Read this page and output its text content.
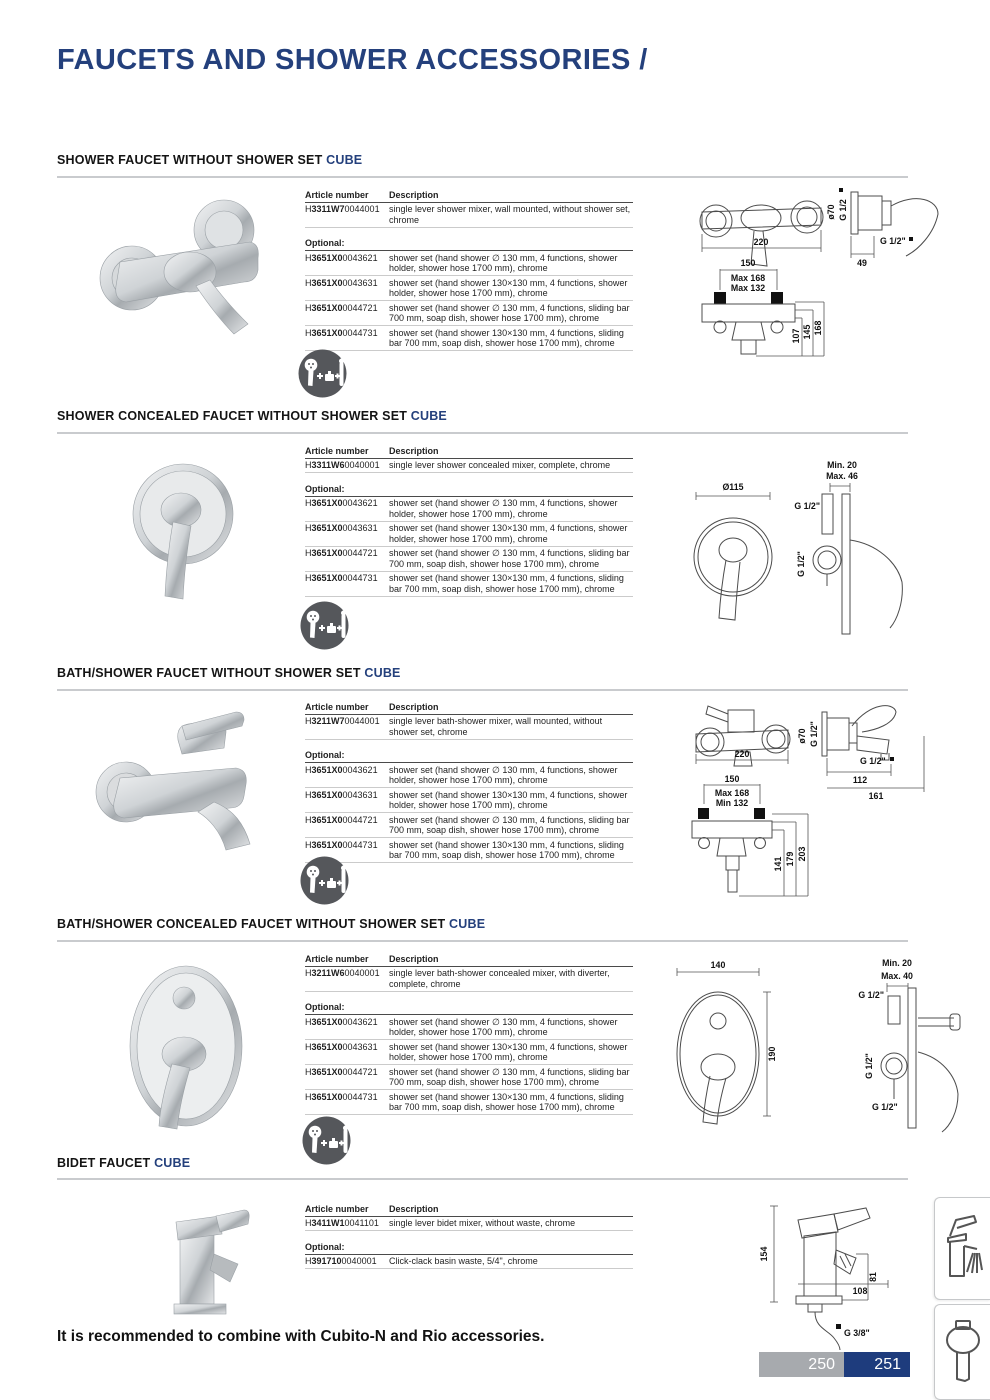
FAUCETS AND SHOWER ACCESSORIES /
SHOWER FAUCET WITHOUT SHOWER SET CUBE
Article number	Description
H3311W70044001	single lever shower mixer, wall mounted, without shower set, chrome
Optional:
H3651X00043621	shower set (hand shower ∅ 130 mm, 4 functions, shower holder, shower hose 1700 mm), chrome
H3651X00043631	shower set (hand shower 130×130 mm, 4 functions, shower holder, shower hose 1700 mm), chrome
H3651X00044721	shower set (hand shower ∅ 130 mm, 4 functions, sliding bar 700 mm, soap dish, shower hose 1700 mm), chrome
H3651X00044731	shower set (hand shower 130×130 mm, 4 functions, sliding bar 700 mm, soap dish, shower hose 1700 mm), chrome
220
ø70 G 1/2
49
G 1/2"
150
Max 168
Max 132
107 145 168
SHOWER CONCEALED FAUCET WITHOUT SHOWER SET CUBE
Article number	Description
H3311W60040001	single lever shower concealed mixer, complete, chrome
Optional:
H3651X00043621	shower set (hand shower ∅ 130 mm, 4 functions, shower holder, shower hose 1700 mm), chrome
H3651X00043631	shower set (hand shower 130×130 mm, 4 functions, shower holder, shower hose 1700 mm), chrome
H3651X00044721	shower set (hand shower ∅ 130 mm, 4 functions, sliding bar 700 mm, soap dish, shower hose 1700 mm), chrome
H3651X00044731	shower set (hand shower 130×130 mm, 4 functions, sliding bar 700 mm, soap dish, shower hose 1700 mm), chrome
Ø115
Min. 20
Max. 46
G 1/2"
G 1/2"
BATH/SHOWER FAUCET WITHOUT SHOWER SET CUBE
Article number	Description
H3211W70044001	single lever bath-shower mixer, wall mounted, without shower set, chrome
Optional:
H3651X00043621	shower set (hand shower ∅ 130 mm, 4 functions, shower holder, shower hose 1700 mm), chrome
H3651X00043631	shower set (hand shower 130×130 mm, 4 functions, shower holder, shower hose 1700 mm), chrome
H3651X00044721	shower set (hand shower ∅ 130 mm, 4 functions, sliding bar 700 mm, soap dish, shower hose 1700 mm), chrome
H3651X00044731	shower set (hand shower 130×130 mm, 4 functions, sliding bar 700 mm, soap dish, shower hose 1700 mm), chrome
220
150
Max 168
Min 132
141 179 203
ø70 G 1/2"
G 1/2"
112
161
BATH/SHOWER CONCEALED FAUCET WITHOUT SHOWER SET CUBE
Article number	Description
H3211W60040001	single lever bath-shower concealed mixer, with diverter, complete, chrome
Optional:
H3651X00043621	shower set (hand shower ∅ 130 mm, 4 functions, shower holder, shower hose 1700 mm), chrome
H3651X00043631	shower set (hand shower 130×130 mm, 4 functions, shower holder, shower hose 1700 mm), chrome
H3651X00044721	shower set (hand shower ∅ 130 mm, 4 functions, sliding bar 700 mm, soap dish, shower hose 1700 mm), chrome
H3651X00044731	shower set (hand shower 130×130 mm, 4 functions, sliding bar 700 mm, soap dish, shower hose 1700 mm), chrome
140
190
Min. 20
Max. 40
G 1/2"
G 1/2"
G 1/2"
BIDET FAUCET CUBE
Article number	Description
H3411W10041101	single lever bidet mixer, without waste, chrome
Optional:
H3917100040001	Click-clack basin waste, 5/4", chrome	154
81
108
G 3/8"
It is recommended to combine with Cubito-N and Rio accessories.
250	251
